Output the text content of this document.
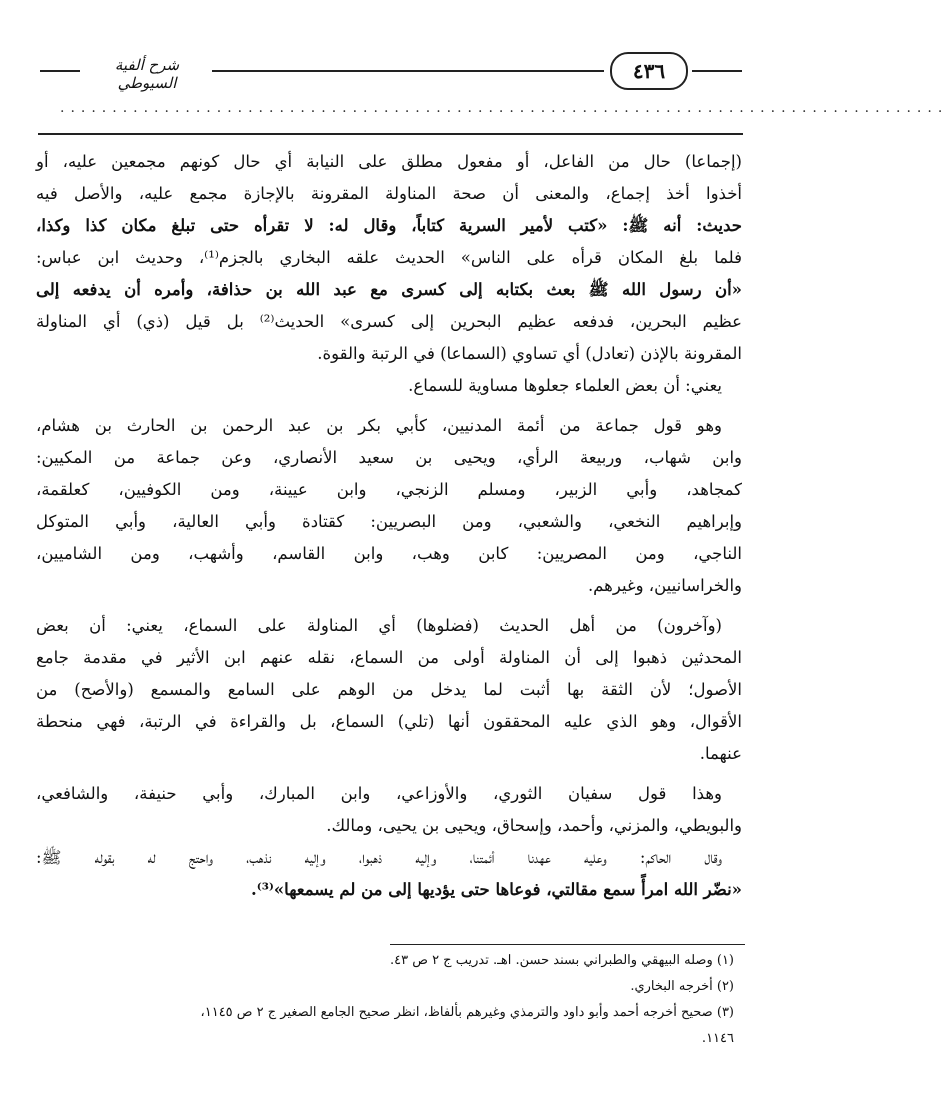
شرح ألفية السيوطي	٤٣٦
.....................................................................................
(إجماعا) حال من الفاعل، أو مفعول مطلق على النيابة أي حال كونهم مجمعين عليه، أو
أخذوا أخذ إجماع، والمعنى أن صحة المناولة المقرونة بالإجازة مجمع عليه، والأصل فيه
حديث: أنه ﷺ: «كتب لأمير السرية كتاباً، وقال له: لا تقرأه حتى تبلغ مكان كذا وكذا،
فلما بلغ المكان قرأه على الناس» الحديث علقه البخاري بالجزم⁽¹⁾، وحديث ابن عباس:
«أن رسول الله ﷺ بعث بكتابه إلى كسرى مع عبد الله بن حذافة، وأمره أن يدفعه إلى
عظيم البحرين، فدفعه عظيم البحرين إلى كسرى» الحديث⁽²⁾ بل قيل (ذي) أي المناولة
المقرونة بالإذن (تعادل) أي تساوي (السماعا) في الرتبة والقوة.
يعني: أن بعض العلماء جعلوها مساوية للسماع.
وهو قول جماعة من أئمة المدنيين، كأبي بكر بن عبد الرحمن بن الحارث بن هشام،
وابن شهاب، وربيعة الرأي، ويحيى بن سعيد الأنصاري، وعن جماعة من المكيين:
كمجاهد، وأبي الزبير، ومسلم الزنجي، وابن عيينة، ومن الكوفيين، كعلقمة،
وإبراهيم النخعي، والشعبي، ومن البصريين: كقتادة وأبي العالية، وأبي المتوكل
الناجي، ومن المصريين: كابن وهب، وابن القاسم، وأشهب، ومن الشاميين،
والخراسانيين، وغيرهم.
(وآخرون) من أهل الحديث (فضلوها) أي المناولة على السماع، يعني: أن بعض
المحدثين ذهبوا إلى أن المناولة أولى من السماع، نقله عنهم ابن الأثير في مقدمة جامع
الأصول؛ لأن الثقة بها أثبت لما يدخل من الوهم على السامع والمسمع (والأصح) من
الأقوال، وهو الذي عليه المحققون أنها (تلي) السماع، بل والقراءة في الرتبة، فهي منحطة
عنهما.
وهذا قول سفيان الثوري، والأوزاعي، وابن المبارك، وأبي حنيفة، والشافعي،
والبويطي، والمزني، وأحمد، وإسحاق، ويحيى بن يحيى، ومالك.
وقال الحاكم: وعليه عهدنا أئمتنا، وإليه ذهبوا، وإليه نذهب، واحتج له بقوله ﷺ:
«نضّر الله امرأً سمع مقالتي، فوعاها حتى يؤديها إلى من لم يسمعها»⁽³⁾.
(١) وصله البيهقي والطبراني بسند حسن. اهـ. تدريب ج ٢ ص ٤٣.
(٢) أخرجه البخاري.
(٣) صحيح أخرجه أحمد وأبو داود والترمذي وغيرهم بألفاظ، انظر صحيح الجامع الصغير ج ٢ ص ١١٤٥،
١١٤٦.
